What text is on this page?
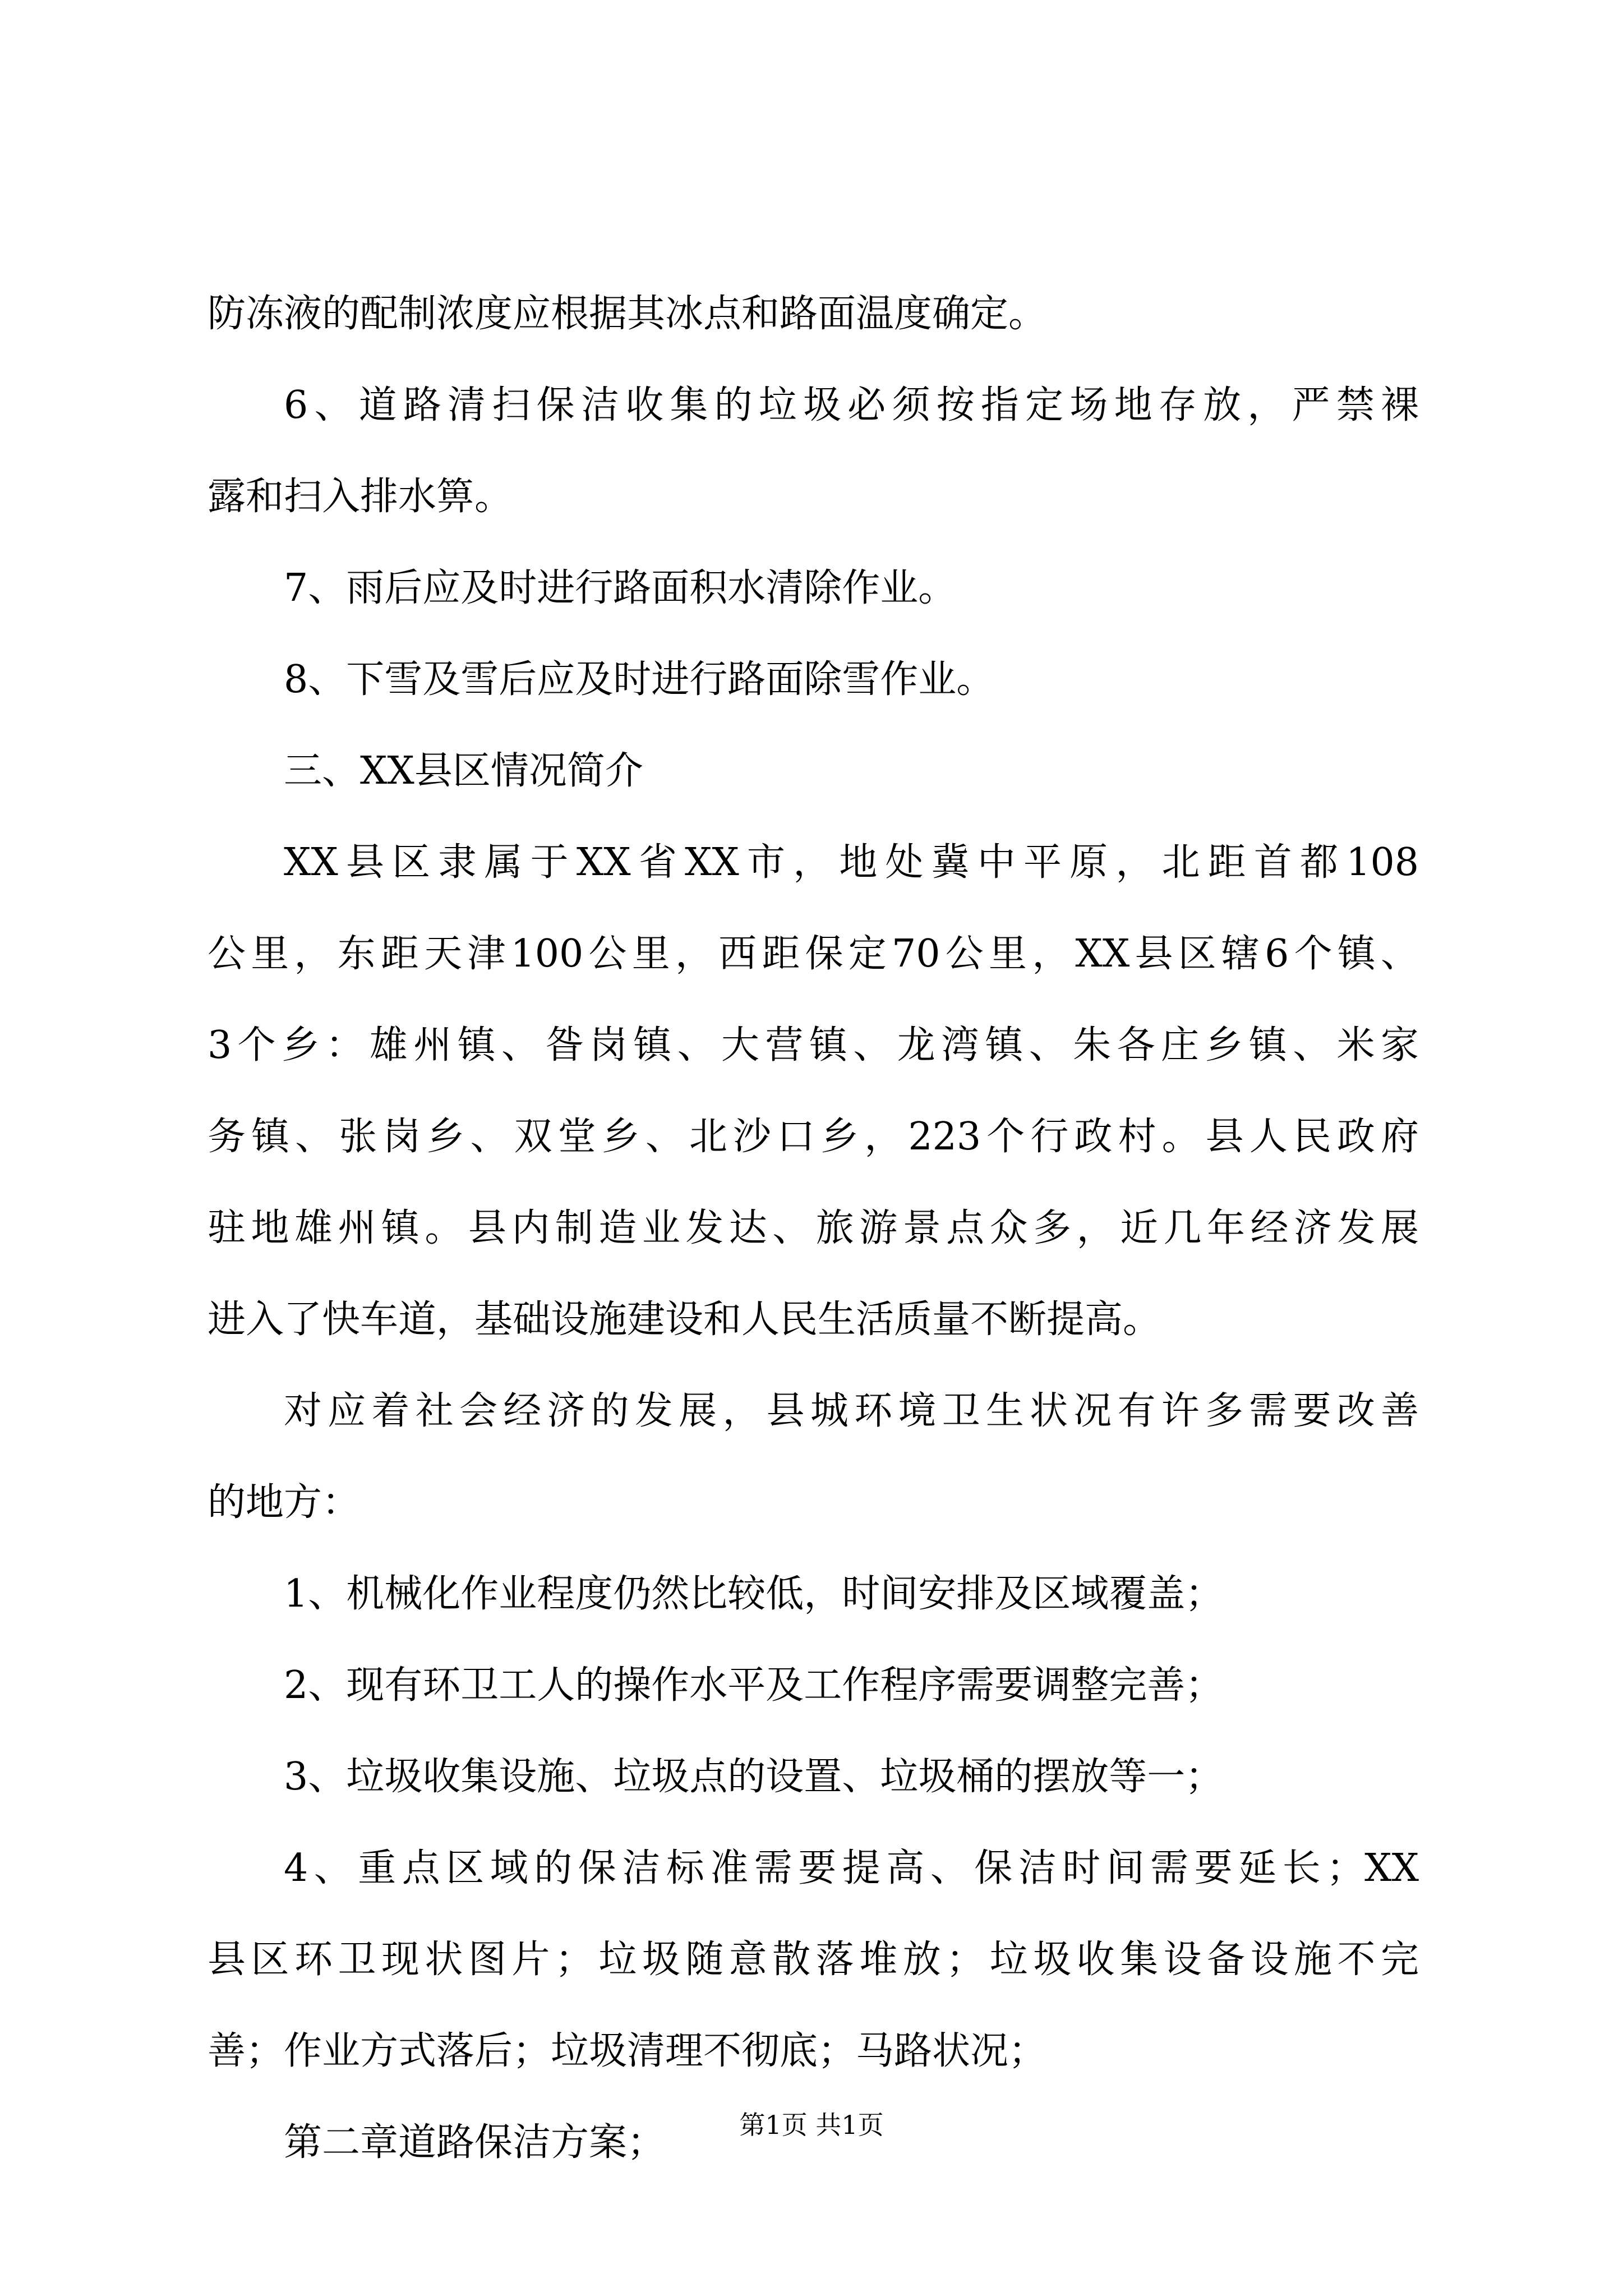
防冻液的配制浓度应根据其冰点和路面温度确定。
6、道路清扫保洁收集的垃圾必须按指定场地存放，严禁裸
露和扫入排水箅。
7、雨后应及时进行路面积水清除作业。
8、下雪及雪后应及时进行路面除雪作业。
三、XX县区情况简介
XX县区隶属于XX省XX市，地处冀中平原，北距首都108
公里，东距天津100公里，西距保定70公里，XX县区辖6个镇、
3个乡：雄州镇、昝岗镇、大营镇、龙湾镇、朱各庄乡镇、米家
务镇、张岗乡、双堂乡、北沙口乡，223个行政村。县人民政府
驻地雄州镇。县内制造业发达、旅游景点众多，近几年经济发展
进入了快车道，基础设施建设和人民生活质量不断提高。
对应着社会经济的发展，县城环境卫生状况有许多需要改善
的地方：
1、机械化作业程度仍然比较低，时间安排及区域覆盖；
2、现有环卫工人的操作水平及工作程序需要调整完善；
3、垃圾收集设施、垃圾点的设置、垃圾桶的摆放等一；
4、重点区域的保洁标准需要提高、保洁时间需要延长；XX
县区环卫现状图片；垃圾随意散落堆放；垃圾收集设备设施不完
善；作业方式落后；垃圾清理不彻底；马路状况；
第二章道路保洁方案；	第1页 共1页
